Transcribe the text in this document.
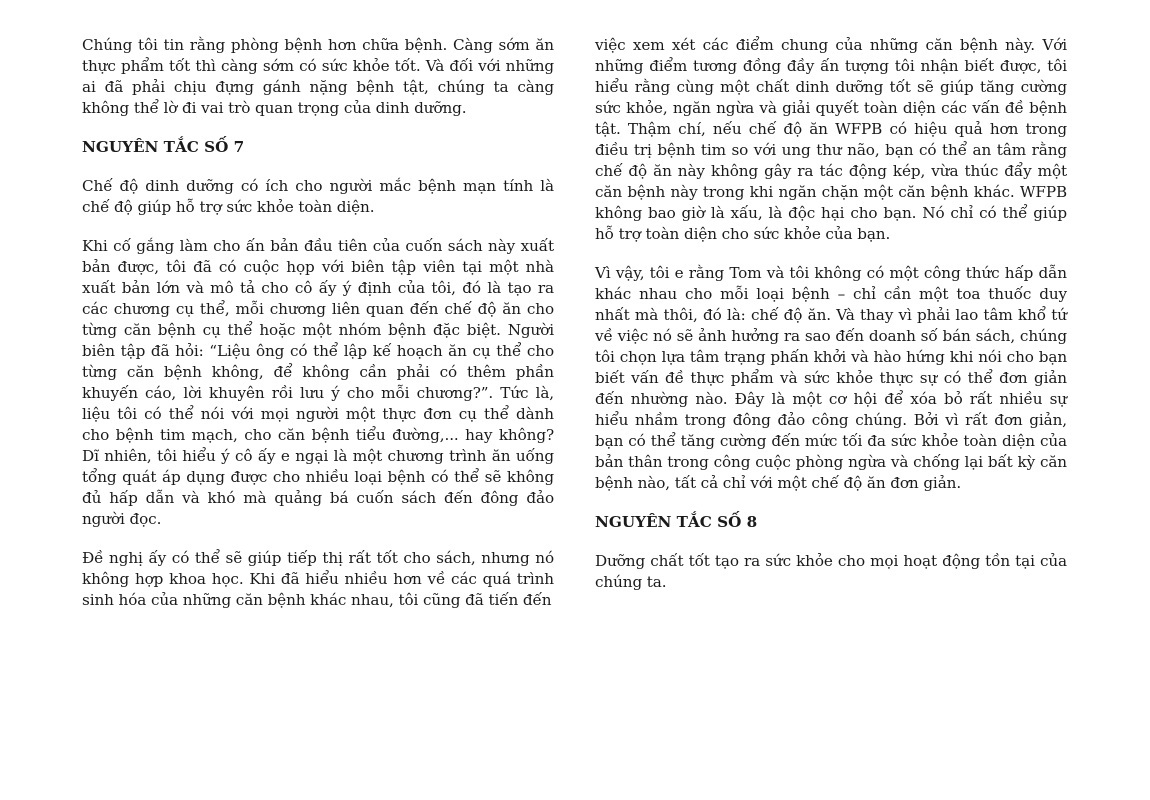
Chúng tôi tin rằng phòng bệnh hơn chữa bệnh. Càng sớm ăn thực phẩm tốt thì càng sớm có sức khỏe tốt. Và đối với những ai đã phải chịu đựng gánh nặng bệnh tật, chúng ta càng không thể lờ đi vai trò quan trọng của dinh dưỡng.

NGUYÊN TẮC SỐ 7

Chế độ dinh dưỡng có ích cho người mắc bệnh mạn tính là chế độ giúp hỗ trợ sức khỏe toàn diện.

Khi cố gắng làm cho ấn bản đầu tiên của cuốn sách này xuất bản được, tôi đã có cuộc họp với biên tập viên tại một nhà xuất bản lớn và mô tả cho cô ấy ý định của tôi, đó là tạo ra các chương cụ thể, mỗi chương liên quan đến chế độ ăn cho từng căn bệnh cụ thể hoặc một nhóm bệnh đặc biệt. Người biên tập đã hỏi: “Liệu ông có thể lập kế hoạch ăn cụ thể cho từng căn bệnh không, để không cần phải có thêm phần khuyến cáo, lời khuyên rồi lưu ý cho mỗi chương?”. Tức là, liệu tôi có thể nói với mọi người một thực đơn cụ thể dành cho bệnh tim mạch, cho căn bệnh tiểu đường,... hay không? Dĩ nhiên, tôi hiểu ý cô ấy e ngại là một chương trình ăn uống tổng quát áp dụng được cho nhiều loại bệnh có thể sẽ không đủ hấp dẫn và khó mà quảng bá cuốn sách đến đông đảo người đọc.

Đề nghị ấy có thể sẽ giúp tiếp thị rất tốt cho sách, nhưng nó không hợp khoa học. Khi đã hiểu nhiều hơn về các quá trình sinh hóa của những căn bệnh khác nhau, tôi cũng đã tiến đến

việc xem xét các điểm chung của những căn bệnh này. Với những điểm tương đồng đầy ấn tượng tôi nhận biết được, tôi hiểu rằng cùng một chất dinh dưỡng tốt sẽ giúp tăng cường sức khỏe, ngăn ngừa và giải quyết toàn diện các vấn đề bệnh tật. Thậm chí, nếu chế độ ăn WFPB có hiệu quả hơn trong điều trị bệnh tim so với ung thư não, bạn có thể an tâm rằng chế độ ăn này không gây ra tác động kép, vừa thúc đẩy một căn bệnh này trong khi ngăn chặn một căn bệnh khác. WFPB không bao giờ là xấu, là độc hại cho bạn. Nó chỉ có thể giúp hỗ trợ toàn diện cho sức khỏe của bạn.

Vì vậy, tôi e rằng Tom và tôi không có một công thức hấp dẫn khác nhau cho mỗi loại bệnh – chỉ cần một toa thuốc duy nhất mà thôi, đó là: chế độ ăn. Và thay vì phải lao tâm khổ tứ về việc nó sẽ ảnh hưởng ra sao đến doanh số bán sách, chúng tôi chọn lựa tâm trạng phấn khởi và hào hứng khi nói cho bạn biết vấn đề thực phẩm và sức khỏe thực sự có thể đơn giản đến nhường nào. Đây là một cơ hội để xóa bỏ rất nhiều sự hiểu nhầm trong đông đảo công chúng. Bởi vì rất đơn giản, bạn có thể tăng cường đến mức tối đa sức khỏe toàn diện của bản thân trong công cuộc phòng ngừa và chống lại bất kỳ căn bệnh nào, tất cả chỉ với một chế độ ăn đơn giản.

NGUYÊN TẮC SỐ 8

Dưỡng chất tốt tạo ra sức khỏe cho mọi hoạt động tồn tại của chúng ta.
